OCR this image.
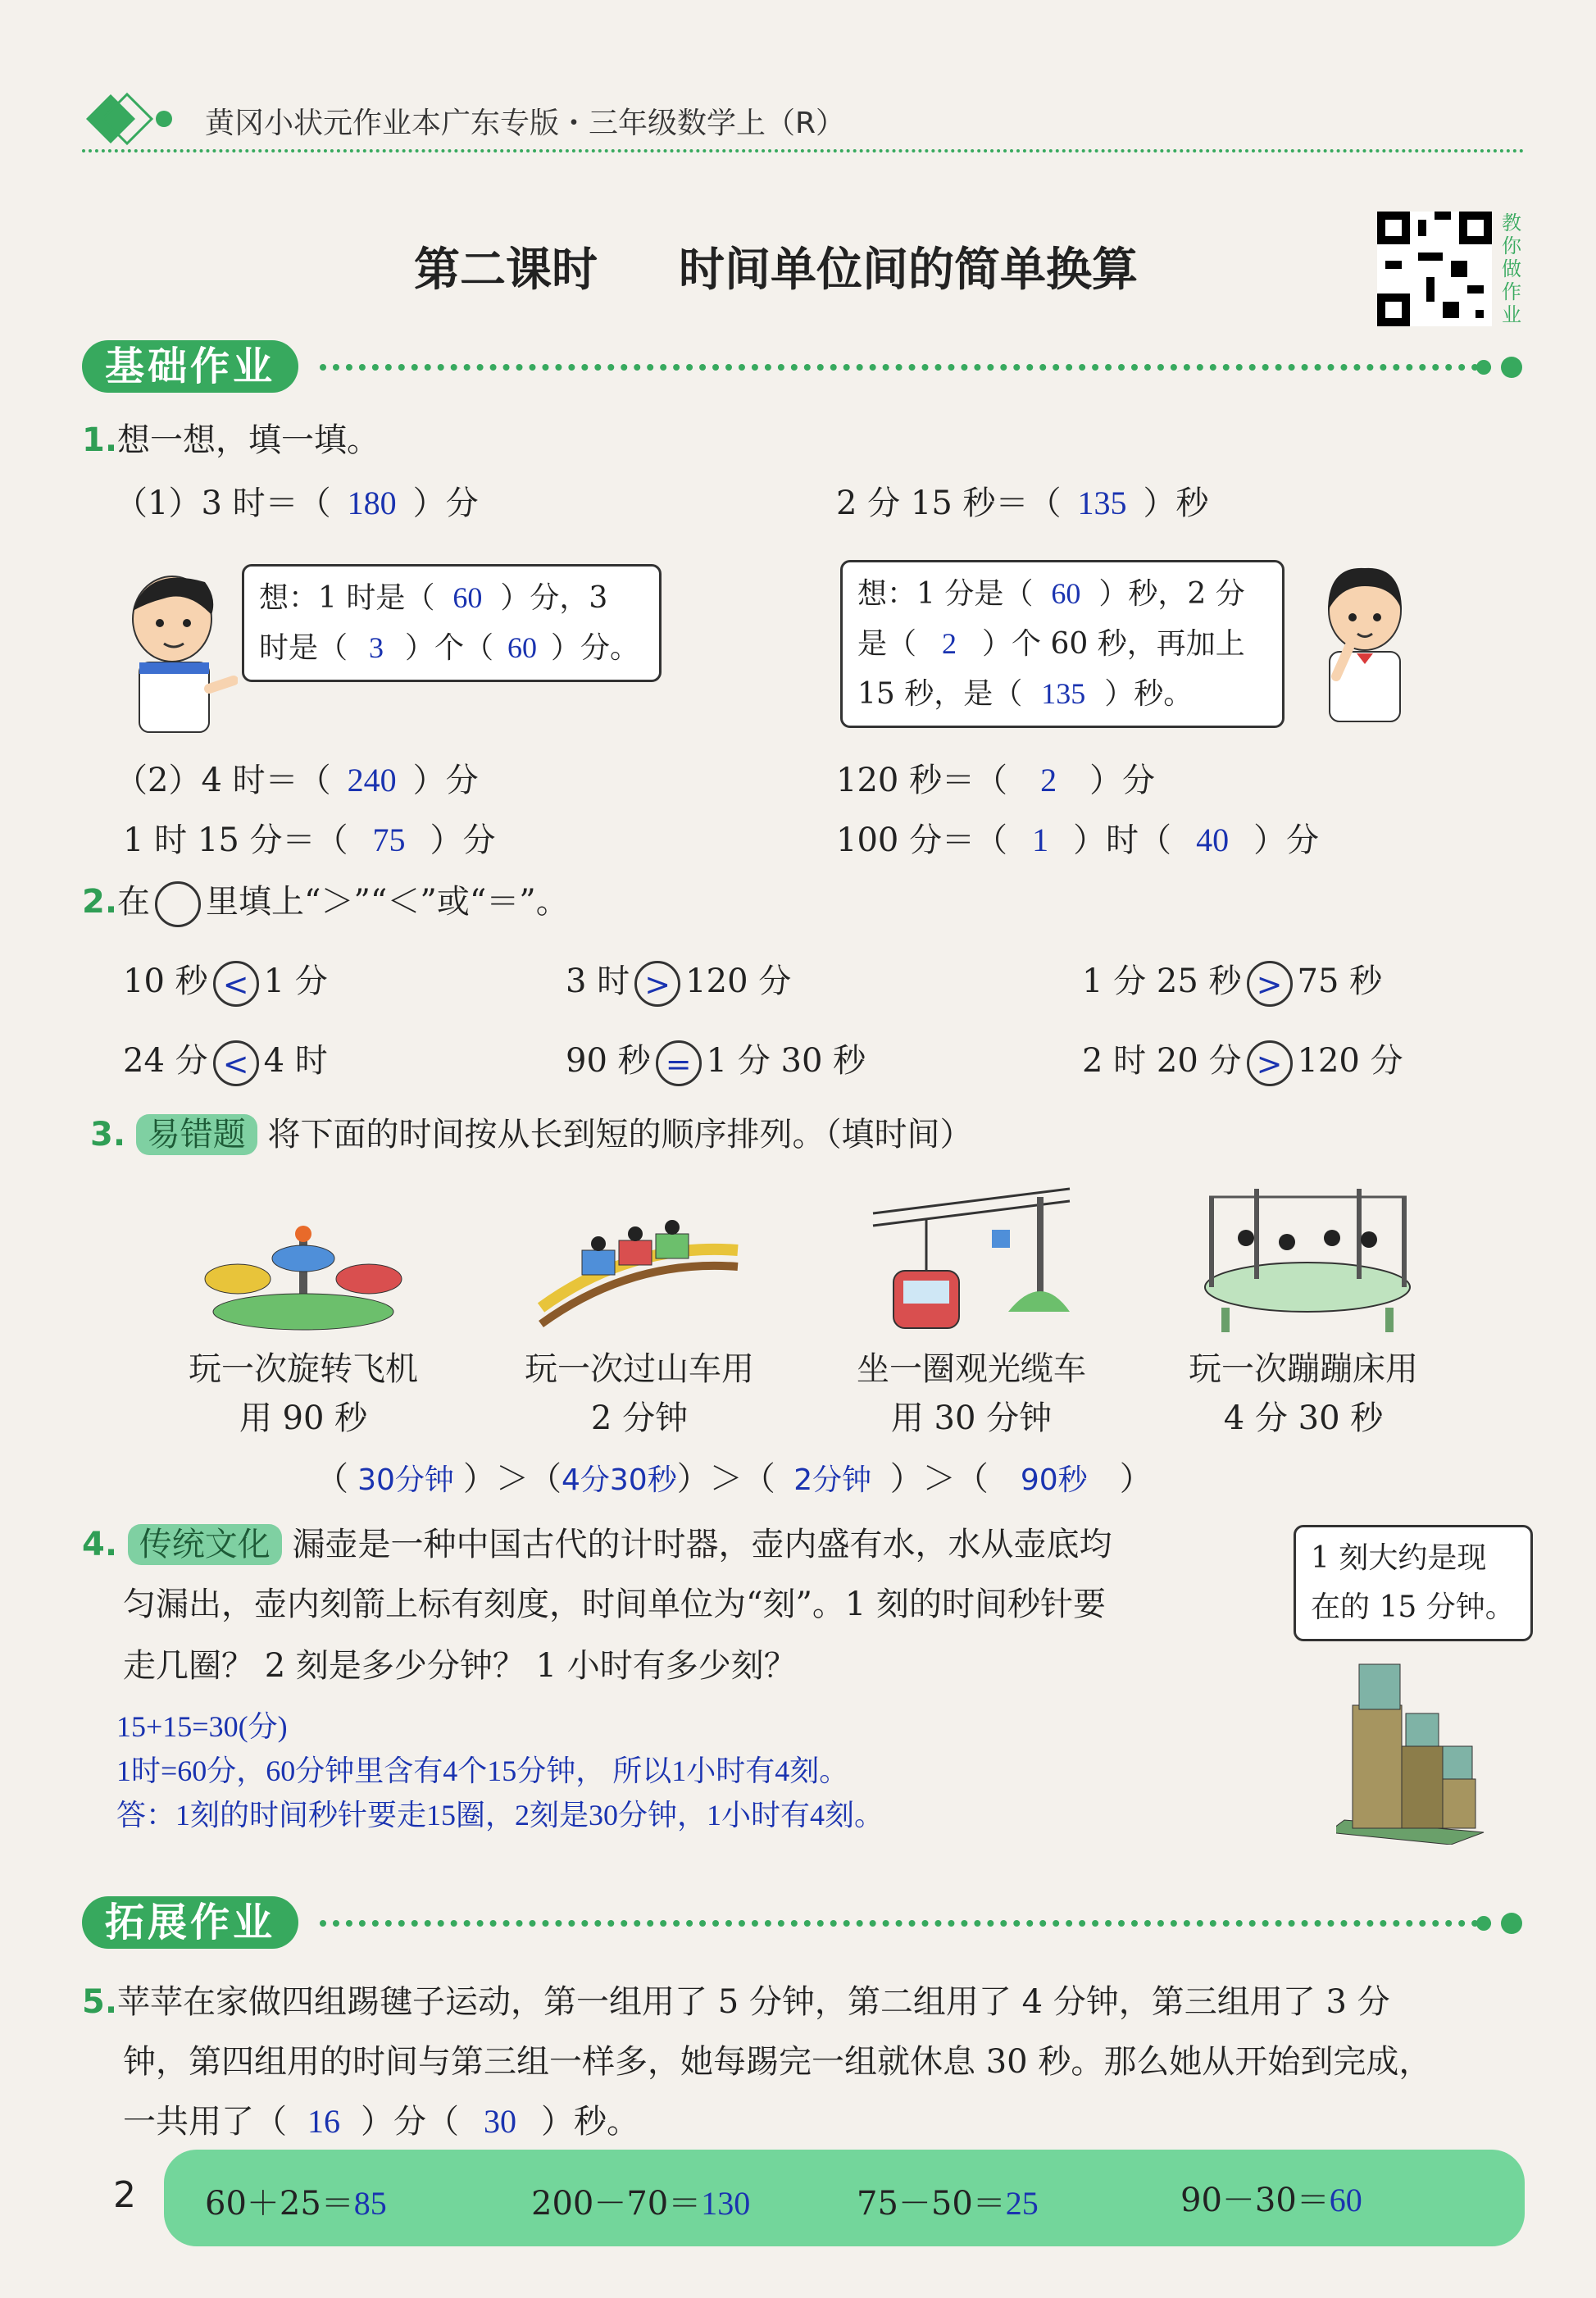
黄冈小状元作业本广东专版・三年级数学上（R）
第二课时 时间单位间的简单换算
教你做作业
基础作业
1.想一想，填一填。
（1）3 时＝（ 180 ）分	2 分 15 秒＝（ 135 ）秒
想：1 时是（ 60 ）分，3
时是（ 3 ）个（ 60 ）分。
想：1 分是（ 60 ）秒，2 分
是（ 2 ）个 60 秒，再加上
15 秒，是（ 135 ）秒。
（2）4 时＝（ 240 ）分	120 秒＝（ 2 ）分
1 时 15 分＝（ 75 ）分	100 分＝（ 1 ）时（ 40 ）分
2.在 里填上“＞”“＜”或“＝”。
10 秒 < 1 分	3 时 > 120 分	1 分 25 秒 > 75 秒
24 分 < 4 时	90 秒 = 1 分 30 秒	2 时 20 分 > 120 分
3. 易错题 将下面的时间按从长到短的顺序排列。（填时间）
玩一次旋转飞机
用 90 秒
玩一次过山车用
2 分钟
坐一圈观光缆车
用 30 分钟
玩一次蹦蹦床用
4 分 30 秒
（ 30分钟 ）＞（4分30秒）＞（ 2分钟 ）＞（ 90秒 ）
4. 传统文化 漏壶是一种中国古代的计时器，壶内盛有水，水从壶底均
匀漏出，壶内刻箭上标有刻度，时间单位为“刻”。1 刻的时间秒针要
走几圈？ 2 刻是多少分钟？ 1 小时有多少刻？
1 刻大约是现
在的 15 分钟。
15+15=30(分)
1时=60分，60分钟里含有4个15分钟， 所以1小时有4刻。
答：1刻的时间秒针要走15圈，2刻是30分钟，1小时有4刻。
拓展作业
5.苹苹在家做四组踢毽子运动，第一组用了 5 分钟，第二组用了 4 分钟，第三组用了 3 分
钟，第四组用的时间与第三组一样多，她每踢完一组就休息 30 秒。那么她从开始到完成，
一共用了（ 16 ）分（ 30 ）秒。
2 60＋25＝85	200－70＝130	75－50＝25	90－30＝60
